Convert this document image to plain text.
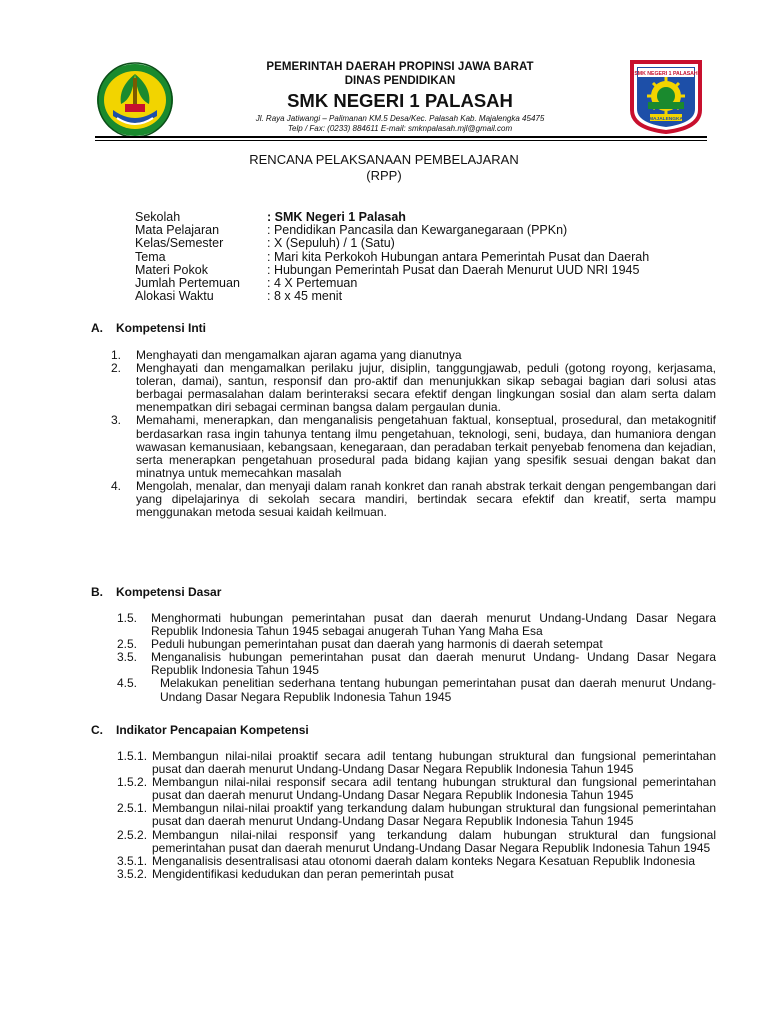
PEMERINTAH DAERAH PROPINSI JAWA BARAT
DINAS PENDIDIKAN
SMK NEGERI 1 PALASAH
Jl. Raya Jatiwangi – Palimanan KM.5 Desa/Kec. Palasah Kab. Majalengka 45475
Telp / Fax: (0233) 884611 E-mail: smknpalasah.mjl@gmail.com
SMK NEGERI 1 PALASAH
MAJALENGKA
RENCANA PELAKSANAAN PEMBELAJARAN
(RPP)
Sekolah	: SMK Negeri 1 Palasah
Mata Pelajaran	: Pendidikan Pancasila dan Kewarganegaraan (PPKn)
Kelas/Semester	: X (Sepuluh) / 1 (Satu)
Tema	: Mari kita Perkokoh Hubungan antara Pemerintah Pusat dan Daerah
Materi Pokok	: Hubungan Pemerintah Pusat dan Daerah Menurut UUD NRI 1945
Jumlah Pertemuan	: 4 X Pertemuan
Alokasi Waktu	: 8 x 45 menit
A. Kompetensi Inti
1.	Menghayati dan mengamalkan ajaran agama yang dianutnya
2.	Menghayati dan mengamalkan perilaku jujur, disiplin, tanggungjawab, peduli (gotong royong, kerjasama, toleran, damai), santun, responsif dan pro-aktif dan menunjukkan sikap sebagai bagian dari solusi atas berbagai permasalahan dalam berinteraksi secara efektif dengan lingkungan sosial dan alam serta dalam menempatkan diri sebagai cerminan bangsa dalam pergaulan dunia.
3.	Memahami, menerapkan, dan menganalisis pengetahuan faktual, konseptual, prosedural, dan metakognitif berdasarkan rasa ingin tahunya tentang ilmu pengetahuan, teknologi, seni, budaya, dan humaniora dengan wawasan kemanusiaan, kebangsaan, kenegaraan, dan peradaban terkait penyebab fenomena dan kejadian, serta menerapkan pengetahuan prosedural pada bidang kajian yang spesifik sesuai dengan bakat dan minatnya untuk memecahkan masalah
4.	Mengolah, menalar, dan menyaji dalam ranah konkret dan ranah abstrak terkait dengan pengembangan dari yang dipelajarinya di sekolah secara mandiri, bertindak secara efektif dan kreatif, serta mampu menggunakan metoda sesuai kaidah keilmuan.
B. Kompetensi Dasar
1.5.	Menghormati hubungan pemerintahan pusat dan daerah menurut Undang-Undang Dasar Negara Republik Indonesia Tahun 1945 sebagai anugerah Tuhan Yang Maha Esa
2.5.	Peduli hubungan pemerintahan pusat dan daerah yang harmonis di daerah setempat
3.5.	Menganalisis hubungan pemerintahan pusat dan daerah menurut Undang- Undang Dasar Negara Republik Indonesia Tahun 1945
4.5.	Melakukan penelitian sederhana tentang hubungan pemerintahan pusat dan daerah menurut Undang- Undang Dasar Negara Republik Indonesia Tahun 1945
C. Indikator Pencapaian Kompetensi
1.5.1. Membangun nilai-nilai proaktif secara adil tentang hubungan struktural dan fungsional pemerintahan pusat dan daerah menurut Undang-Undang Dasar Negara Republik Indonesia Tahun 1945
1.5.2. Membangun nilai-nilai responsif secara adil tentang hubungan struktural dan fungsional pemerintahan pusat dan daerah menurut Undang-Undang Dasar Negara Republik Indonesia Tahun 1945
2.5.1. Membangun nilai-nilai proaktif yang terkandung dalam hubungan struktural dan fungsional pemerintahan pusat dan daerah menurut Undang-Undang Dasar Negara Republik Indonesia Tahun 1945
2.5.2. Membangun nilai-nilai responsif yang terkandung dalam hubungan struktural dan fungsional pemerintahan pusat dan daerah menurut Undang-Undang Dasar Negara Republik Indonesia Tahun 1945
3.5.1. Menganalisis desentralisasi atau otonomi daerah dalam konteks Negara Kesatuan Republik Indonesia
3.5.2. Mengidentifikasi kedudukan dan peran pemerintah pusat
